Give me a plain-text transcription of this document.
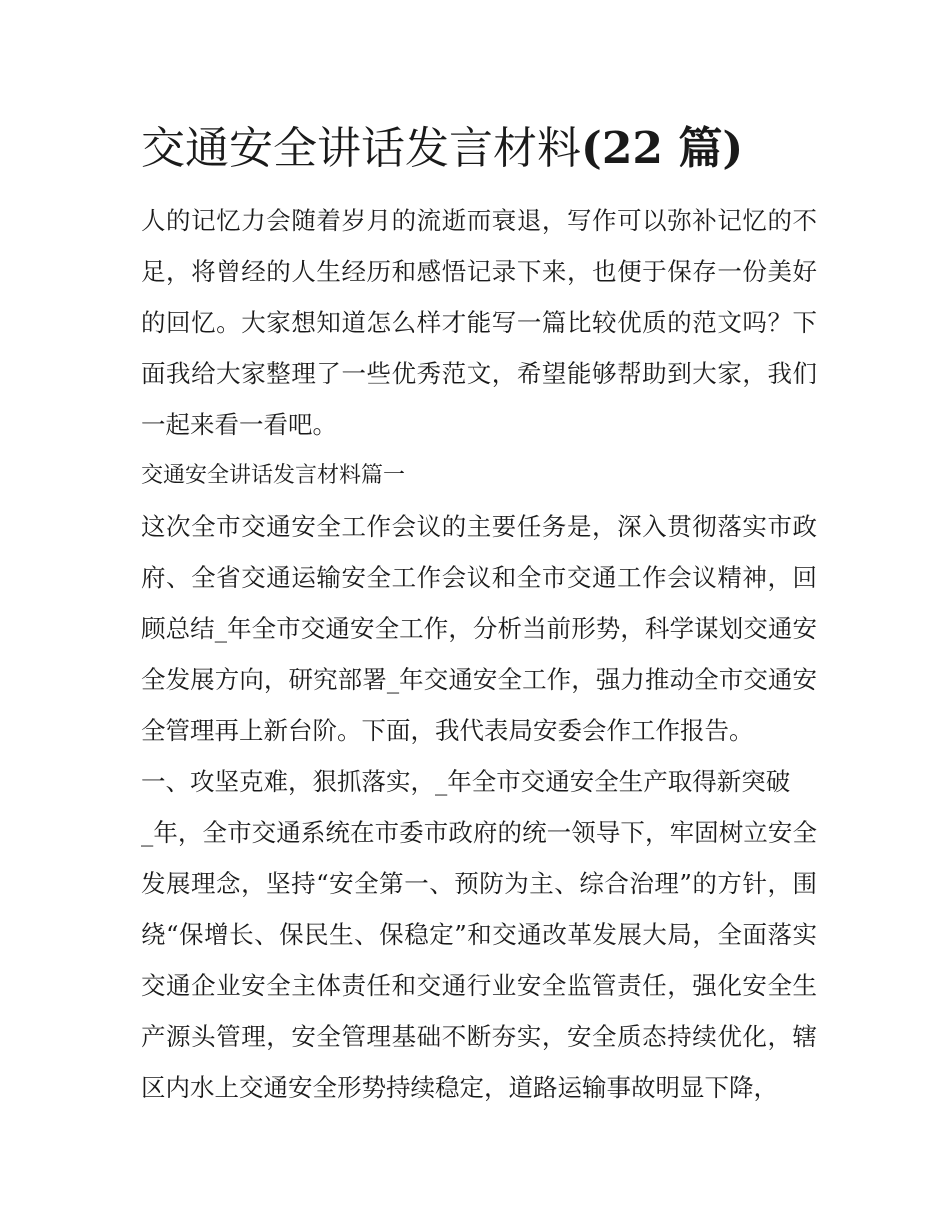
交通安全讲话发言材料(22 篇)

人的记忆力会随着岁月的流逝而衰退，写作可以弥补记忆的不足，将曾经的人生经历和感悟记录下来，也便于保存一份美好的回忆。大家想知道怎么样才能写一篇比较优质的范文吗？下面我给大家整理了一些优秀范文，希望能够帮助到大家，我们一起来看一看吧。

交通安全讲话发言材料篇一

这次全市交通安全工作会议的主要任务是，深入贯彻落实市政府、全省交通运输安全工作会议和全市交通工作会议精神，回顾总结_年全市交通安全工作，分析当前形势，科学谋划交通安全发展方向，研究部署_年交通安全工作，强力推动全市交通安全管理再上新台阶。下面，我代表局安委会作工作报告。

一、攻坚克难，狠抓落实，_年全市交通安全生产取得新突破

_年，全市交通系统在市委市政府的统一领导下，牢固树立安全发展理念，坚持“安全第一、预防为主、综合治理”的方针，围绕“保增长、保民生、保稳定”和交通改革发展大局，全面落实交通企业安全主体责任和交通行业安全监管责任，强化安全生产源头管理，安全管理基础不断夯实，安全质态持续优化，辖区内水上交通安全形势持续稳定，道路运输事故明显下降，
